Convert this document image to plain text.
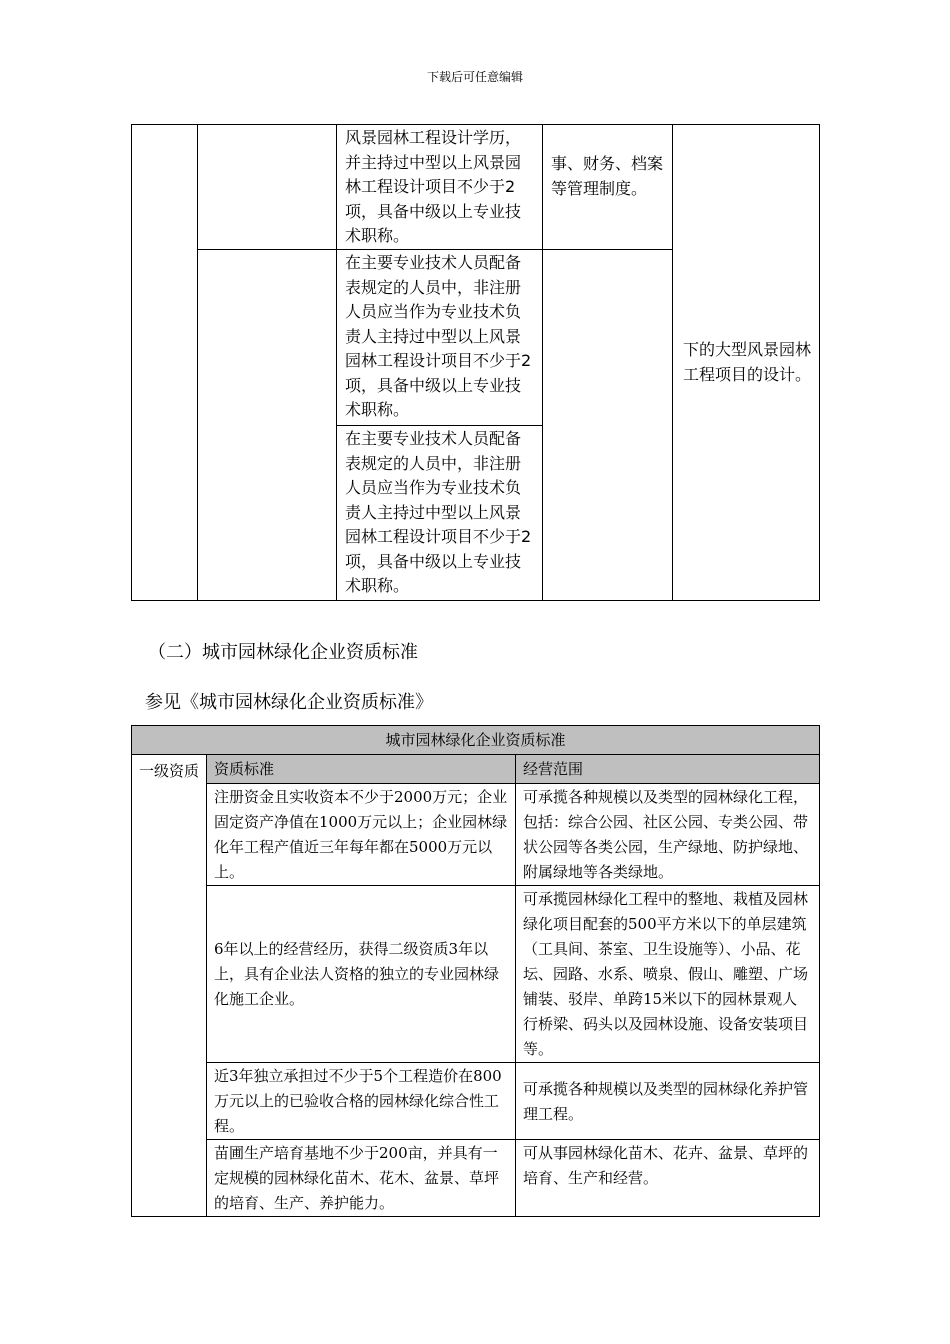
下载后可任意编辑
		风景园林工程设计学历，并主持过中型以上风景园林工程设计项目不少于2项，具备中级以上专业技术职称。	事、财务、档案等管理制度。	下的大型风景园林工程项目的设计。
		在主要专业技术人员配备表规定的人员中，非注册人员应当作为专业技术负责人主持过中型以上风景园林工程设计项目不少于2项，具备中级以上专业技术职称。		
		在主要专业技术人员配备表规定的人员中，非注册人员应当作为专业技术负责人主持过中型以上风景园林工程设计项目不少于2项，具备中级以上专业技术职称。		
（二）城市园林绿化企业资质标准
参见《城市园林绿化企业资质标准》
城市园林绿化企业资质标准		
一级资质	资质标准	经营范围
	注册资金且实收资本不少于2000万元；企业固定资产净值在1000万元以上；企业园林绿化年工程产值近三年每年都在5000万元以上。	可承揽各种规模以及类型的园林绿化工程，包括：综合公园、社区公园、专类公园、带状公园等各类公园，生产绿地、防护绿地、附属绿地等各类绿地。
	6年以上的经营经历，获得二级资质3年以上，具有企业法人资格的独立的专业园林绿化施工企业。	可承揽园林绿化工程中的整地、栽植及园林绿化项目配套的500平方米以下的单层建筑（工具间、茶室、卫生设施等）、小品、花坛、园路、水系、喷泉、假山、雕塑、广场铺装、驳岸、单跨15米以下的园林景观人行桥梁、码头以及园林设施、设备安装项目等。
	近3年独立承担过不少于5个工程造价在800万元以上的已验收合格的园林绿化综合性工程。	可承揽各种规模以及类型的园林绿化养护管理工程。
	苗圃生产培育基地不少于200亩，并具有一定规模的园林绿化苗木、花木、盆景、草坪的培育、生产、养护能力。	可从事园林绿化苗木、花卉、盆景、草坪的培育、生产和经营。
